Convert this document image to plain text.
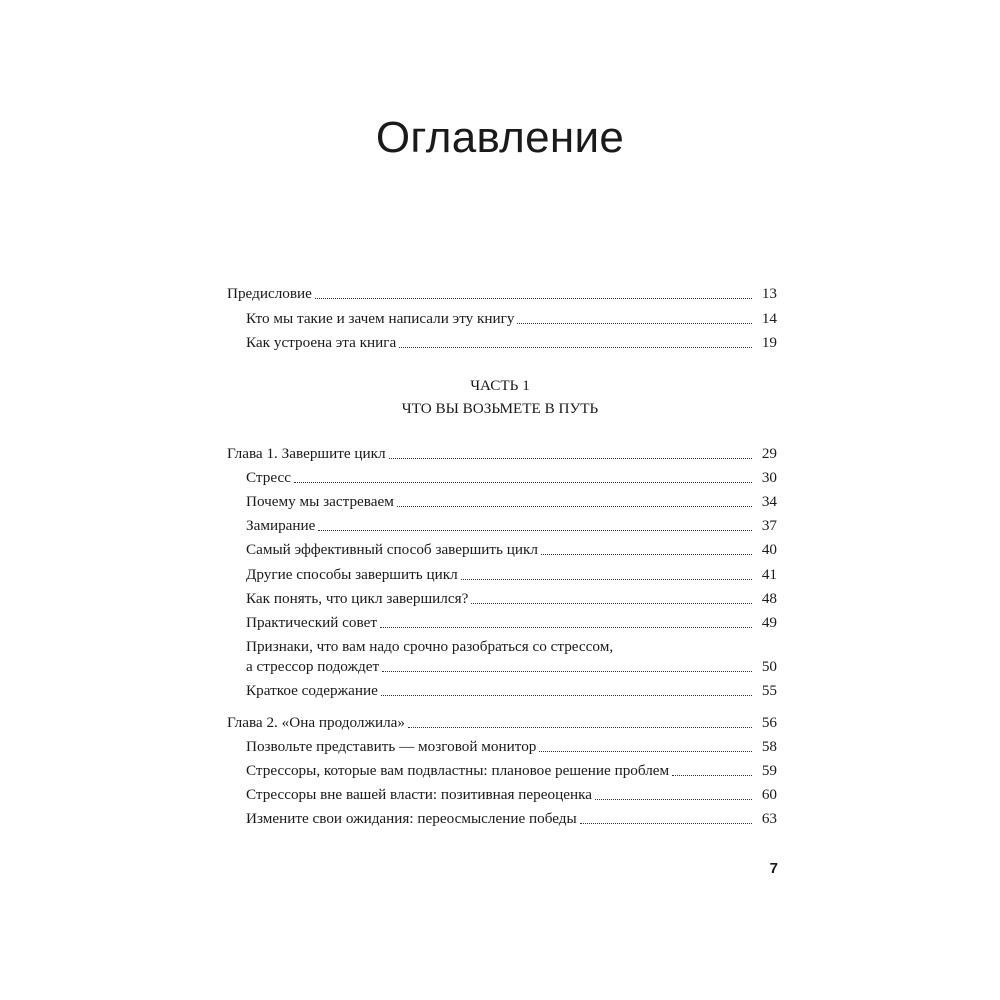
Оглавление
Предисловие	13
Кто мы такие и зачем написали эту книгу	14
Как устроена эта книга	19
Глава 1. Завершите цикл	29
Стресс	30
Почему мы застреваем	34
Замирание	37
Самый эффективный способ завершить цикл	40
Другие способы завершить цикл	41
Как понять, что цикл завершился?	48
Практический совет	49
Признаки, что вам надо срочно разобраться со стрессом,
а стрессор подождет	50
Краткое содержание	55
Глава 2. «Она продолжила»	56
Позвольте представить — мозговой монитор	58
Стрессоры, которые вам подвластны: плановое решение проблем	59
Стрессоры вне вашей власти: позитивная переоценка	60
Измените свои ожидания: переосмысление победы	63
ЧАСТЬ 1
ЧТО ВЫ ВОЗЬМЕТЕ В ПУТЬ
7
